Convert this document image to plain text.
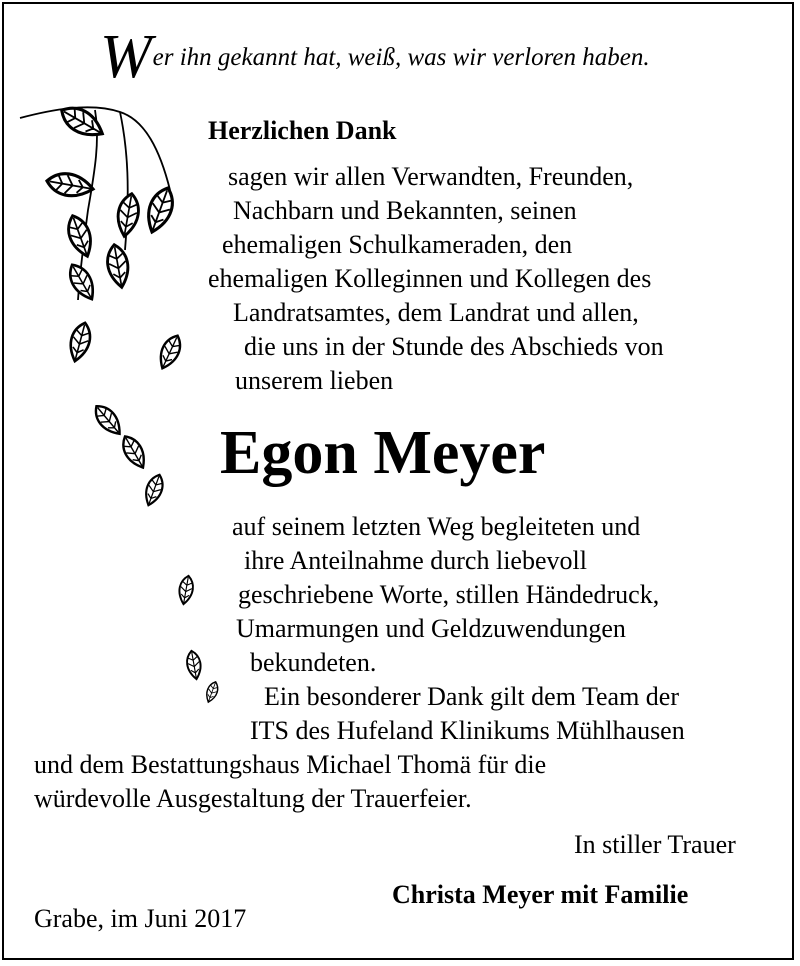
Wer ihn gekannt hat, weiß, was wir verloren haben.
Herzlichen Dank
sagen wir allen Verwandten, Freunden,
Nachbarn und Bekannten, seinen
ehemaligen Schulkameraden, den
ehemaligen Kolleginnen und Kollegen des
Landratsamtes, dem Landrat und allen,
die uns in der Stunde des Abschieds von
unserem lieben
Egon Meyer
auf seinem letzten Weg begleiteten und
ihre Anteilnahme durch liebevoll
geschriebene Worte, stillen Händedruck,
Umarmungen und Geldzuwendungen
bekundeten.
Ein besonderer Dank gilt dem Team der
ITS des Hufeland Klinikums Mühlhausen
und dem Bestattungshaus Michael Thomä für die
würdevolle Ausgestaltung der Trauerfeier.
In stiller Trauer
Christa Meyer mit Familie
Grabe, im Juni 2017
